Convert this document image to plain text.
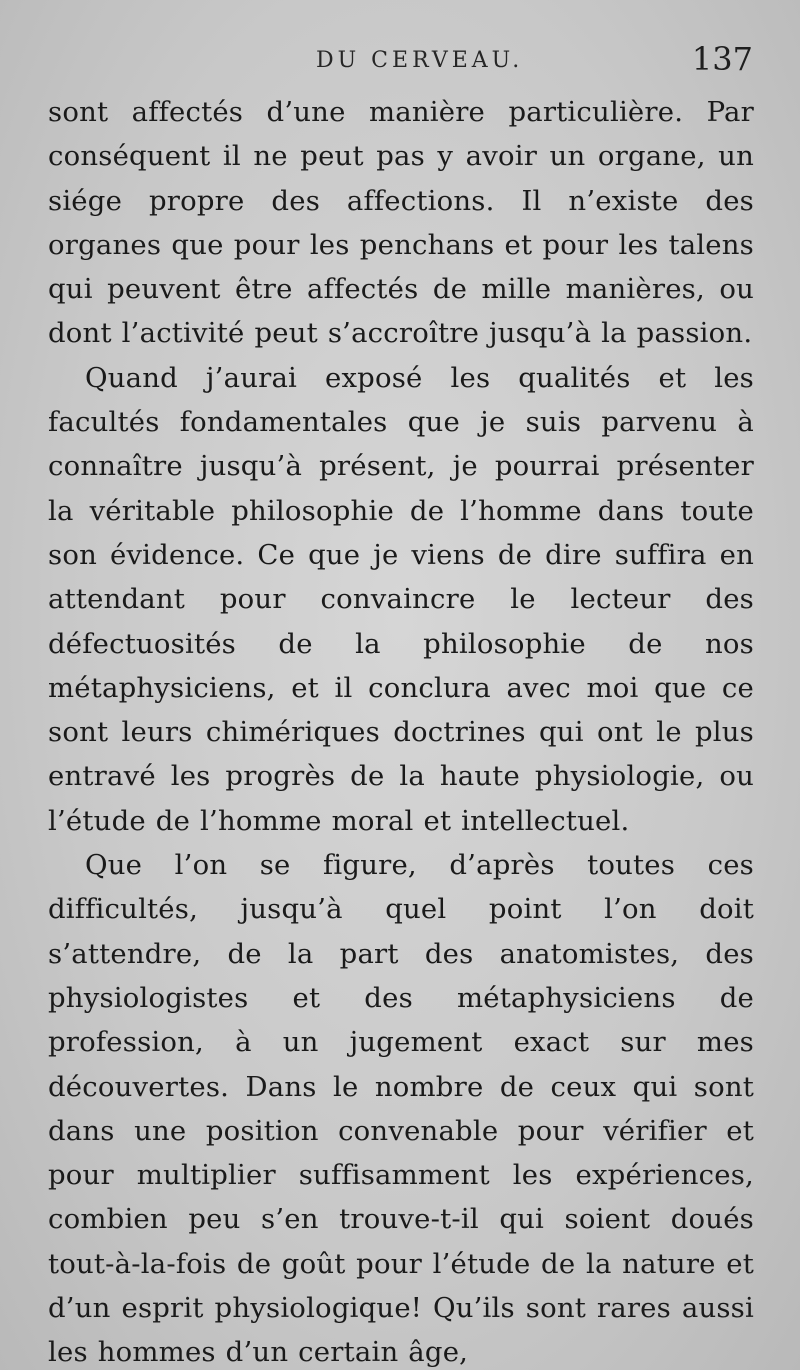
DU CERVEAU.	137

sont affectés d’une manière particulière. Par conséquent il ne peut pas y avoir un organe, un siége propre des affections. Il n’existe des organes que pour les penchans et pour les talens qui peuvent être affectés de mille manières, ou dont l’activité peut s’accroître jusqu’à la passion.

Quand j’aurai exposé les qualités et les facultés fondamentales que je suis parvenu à connaître jusqu’à présent, je pourrai présenter la véritable philosophie de l’homme dans toute son évidence. Ce que je viens de dire suffira en attendant pour convaincre le lecteur des défectuosités de la philosophie de nos métaphysiciens, et il conclura avec moi que ce sont leurs chimériques doctrines qui ont le plus entravé les progrès de la haute physiologie, ou l’étude de l’homme moral et intellectuel.

Que l’on se figure, d’après toutes ces difficultés, jusqu’à quel point l’on doit s’attendre, de la part des anatomistes, des physiologistes et des métaphysiciens de profession, à un jugement exact sur mes découvertes. Dans le nombre de ceux qui sont dans une position convenable pour vérifier et pour multiplier suffisamment les expériences, combien peu s’en trouve-t-il qui soient doués tout-à-la-fois de goût pour l’étude de la nature et d’un esprit physiologique! Qu’ils sont rares aussi les hommes d’un certain âge,
